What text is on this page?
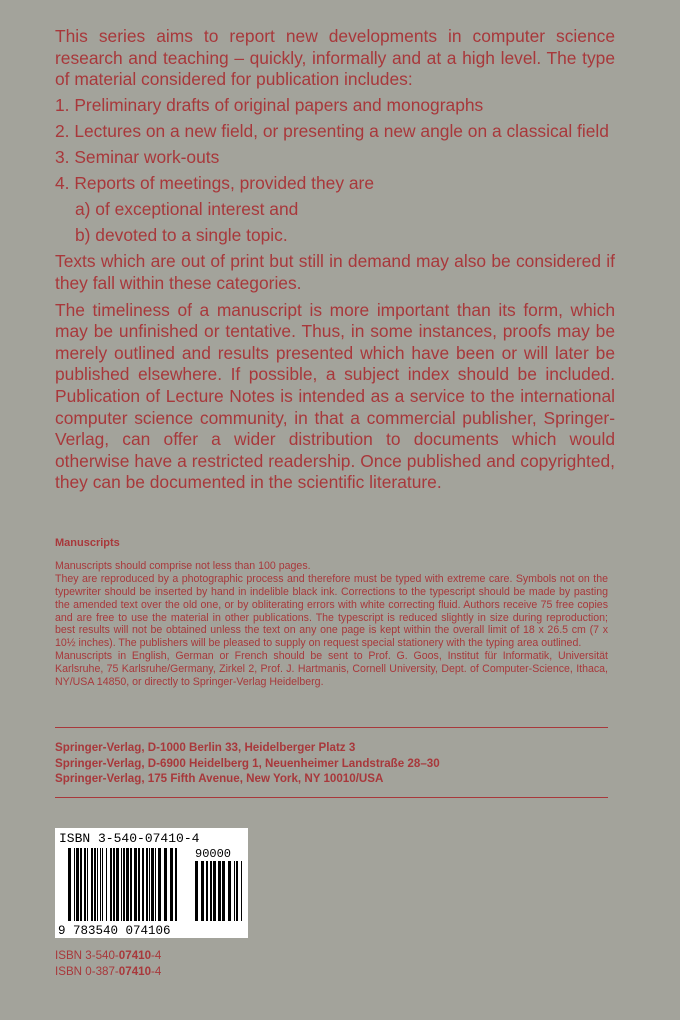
This series aims to report new developments in computer science research and teaching – quickly, informally and at a high level. The type of material considered for publication includes:

1. Preliminary drafts of original papers and monographs
2. Lectures on a new field, or presenting a new angle on a classical field
3. Seminar work-outs
4. Reports of meetings, provided they are
a) of exceptional interest and
b) devoted to a single topic.

Texts which are out of print but still in demand may also be considered if they fall within these categories.

The timeliness of a manuscript is more important than its form, which may be unfinished or tentative. Thus, in some instances, proofs may be merely outlined and results presented which have been or will later be published elsewhere. If possible, a subject index should be included. Publication of Lecture Notes is intended as a service to the international computer science community, in that a commercial publisher, Springer-Verlag, can offer a wider distribution to documents which would otherwise have a restricted readership. Once published and copyrighted, they can be documented in the scientific literature.

Manuscripts

Manuscripts should comprise not less than 100 pages.

They are reproduced by a photographic process and therefore must be typed with extreme care. Symbols not on the typewriter should be inserted by hand in indelible black ink. Corrections to the typescript should be made by pasting the amended text over the old one, or by obliterating errors with white correcting fluid. Authors receive 75 free copies and are free to use the material in other publications. The typescript is reduced slightly in size during reproduction; best results will not be obtained unless the text on any one page is kept within the overall limit of 18 x 26.5 cm (7 x 10½ inches). The publishers will be pleased to supply on request special stationery with the typing area outlined.

Manuscripts in English, German or French should be sent to Prof. G. Goos, Institut für Informatik, Universität Karlsruhe, 75 Karlsruhe/Germany, Zirkel 2, Prof. J. Hartmanis, Cornell University, Dept. of Computer-Science, Ithaca, NY/USA 14850, or directly to Springer-Verlag Heidelberg.

Springer-Verlag, D-1000 Berlin 33, Heidelberger Platz 3
Springer-Verlag, D-6900 Heidelberg 1, Neuenheimer Landstraße 28–30
Springer-Verlag, 175 Fifth Avenue, New York, NY 10010/USA
ISBN 3-540-07410-4
90000
9 783540 074106
ISBN 3-540-07410-4
ISBN 0-387-07410-4
